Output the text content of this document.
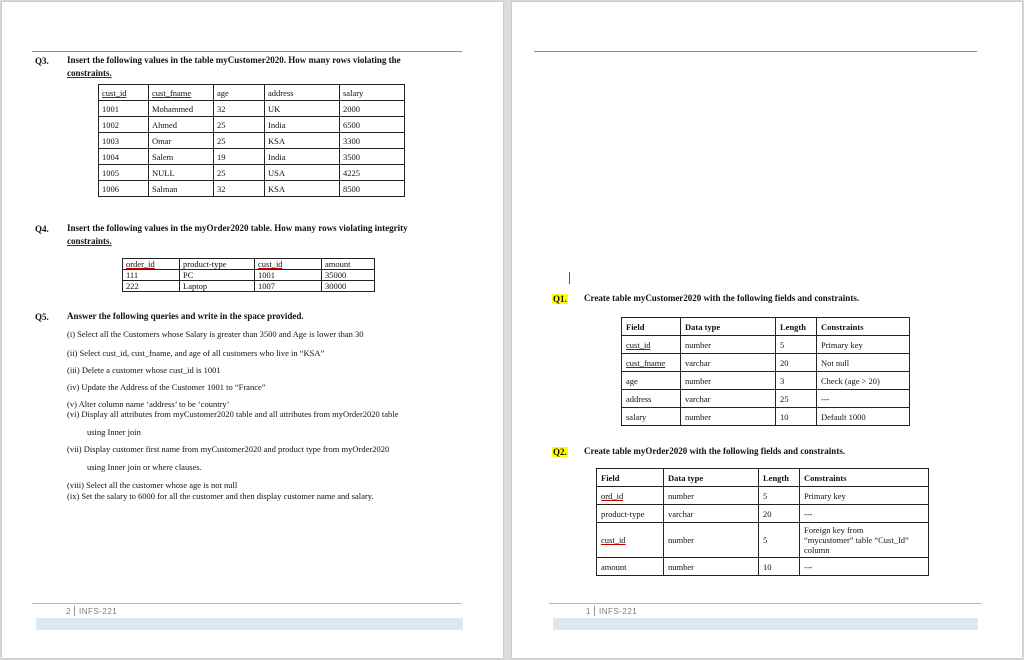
Q3. Insert the following values in the table myCustomer2020. How many rows violating the
constraints.
cust_id	cust_fname	age	address	salary
1001	Mohammed	32	UK	2000
1002	Ahmed	25	India	6500
1003	Omar	25	KSA	3300
1004	Salem	19	India	3500
1005	NULL	25	USA	4225
1006	Salman	32	KSA	8500
Q4. Insert the following values in the myOrder2020 table. How many rows violating integrity
constraints.
order_id	product-type	cust_id	amount
111	PC	1001	35000
222	Laptop	1007	30000
Q5. Answer the following queries and write in the space provided.
(i) Select all the Customers whose Salary is greater than 3500 and Age is lower than 30
(ii) Select cust_id, cust_fname, and age of all customers who live in “KSA”
(iii) Delete a customer whose cust_id is 1001
(iv) Update the Address of the Customer 1001 to “France”
(v) Alter column name ‘address’ to be ‘country’
(vi) Display all attributes from myCustomer2020 table and all attributes from myOrder2020 table
using Inner join
(vii) Display customer first name from myCustomer2020 and product type from myOrder2020
using Inner join or where clauses.
(viii) Select all the customer whose age is not null
(ix) Set the salary to 6000 for all the customer and then display customer name and salary.
2 INFS-221
Q1. Create table myCustomer2020 with the following fields and constraints.
Field	Data type	Length	Constraints
cust_id	number	5	Primary key
cust_fname	varchar	20	Not null
age	number	3	Check (age > 20)
address	varchar	25	---
salary	number	10	Default 1000
Q2. Create table myOrder2020 with the following fields and constraints.
Field	Data type	Length	Constraints
ord_id	number	5	Primary key
product-type	varchar	20	---
cust_id	number	5	Foreign key from
“mycustomer” table “Cust_Id”
column
amount	number	10	---
1 INFS-221
